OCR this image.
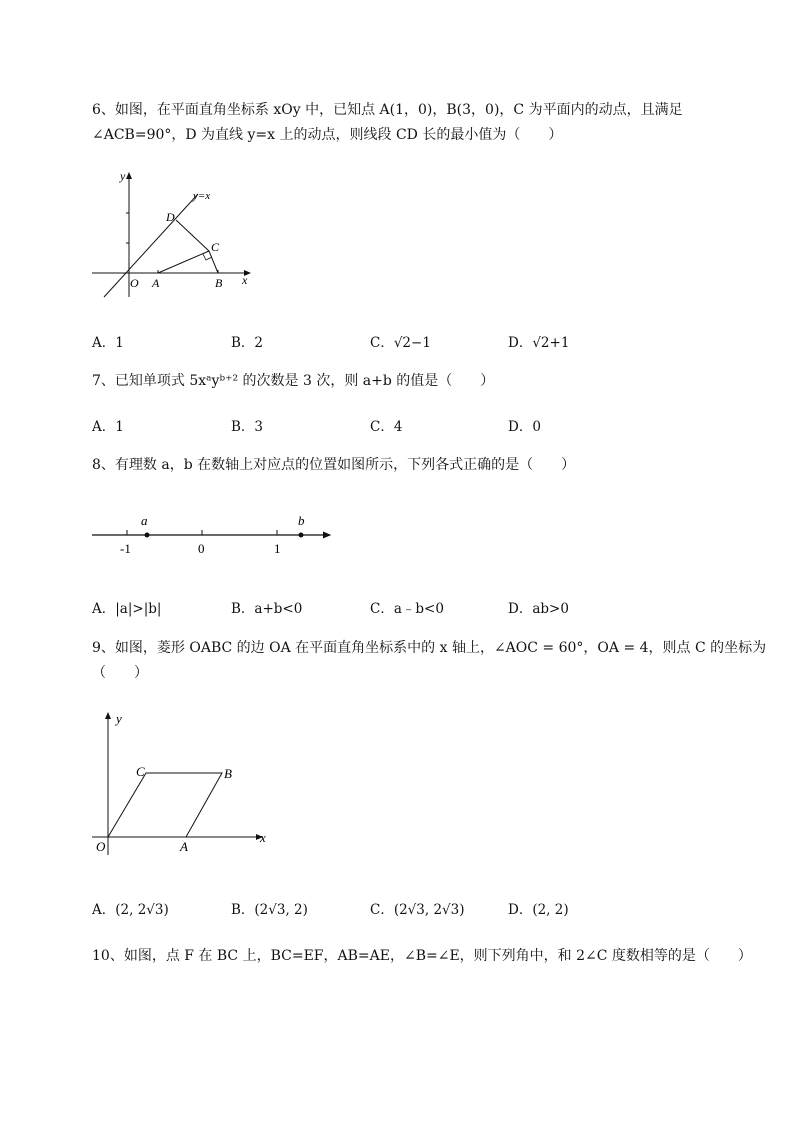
6、如图，在平面直角坐标系 xOy 中，已知点 A(1，0)，B(3，0)，C 为平面内的动点，且满足
∠ACB=90°，D 为直线 y=x 上的动点，则线段 CD 长的最小值为（　　）
y
x
y=x
D
C
O A	B
A．1	B．2	C．√2−1	D．√2+1
7、已知单项式 5xᵃyᵇ⁺² 的次数是 3 次，则 a+b 的值是（　　）
A．1	B．3	C．4	D．0
8、有理数 a，b 在数轴上对应点的位置如图所示，下列各式正确的是（　　）
a	b
-1	0	1
A．|a|>|b|	B．a+b<0	C．a﹣b<0	D．ab>0
9、如图，菱形 OABC 的边 OA 在平面直角坐标系中的 x 轴上，∠AOC = 60°，OA = 4，则点 C 的坐标为
（　　）
y
x
O	A
B
C
A．(2, 2√3)	B．(2√3, 2)	C．(2√3, 2√3)	D．(2, 2)
10、如图，点 F 在 BC 上，BC=EF，AB=AE，∠B=∠E，则下列角中，和 2∠C 度数相等的是（　　）
